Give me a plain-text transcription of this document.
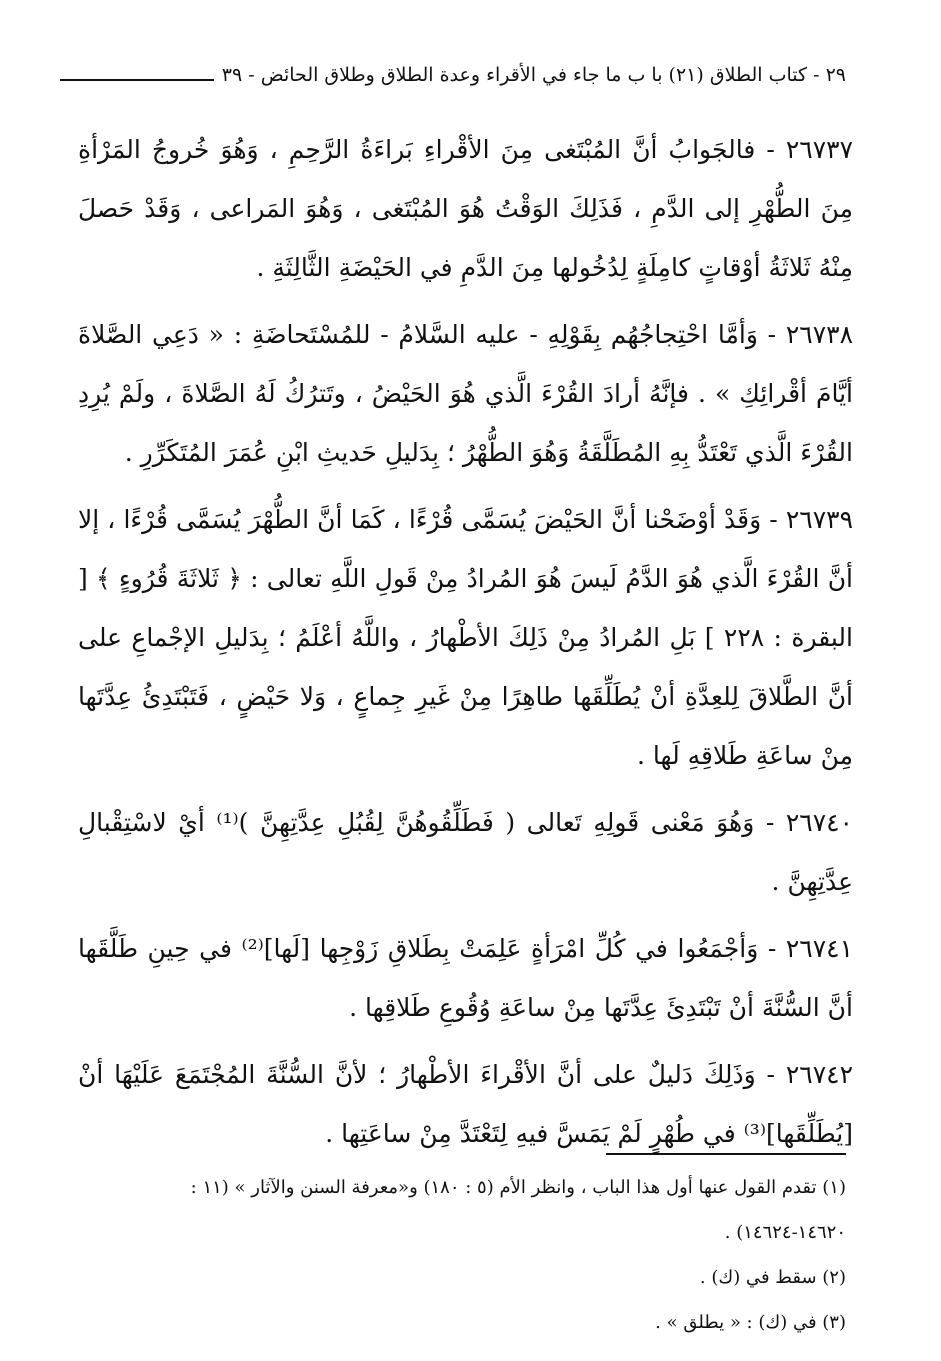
٢٩ - كتاب الطلاق (٢١) با ب ما جاء في الأقراء وعدة الطلاق وطلاق الحائض - ٣٩

٢٦٧٣٧ - فالجَوابُ أنَّ المُبْتَغى مِنَ الأقْراءِ بَراءَةُ الرَّحِمِ ، وَهُوَ خُروجُ المَرْأةِ مِنَ الطُّهْرِ إلى الدَّمِ ، فَذَلِكَ الوَقْتُ هُوَ المُبْتَغى ، وَهُوَ المَراعى ، وَقَدْ حَصلَ مِنْهُ ثَلاثَةُ أوْقاتٍ كامِلَةٍ لِدُخُولها مِنَ الدَّمِ في الحَيْضَةِ الثَّالِثَةِ .

٢٦٧٣٨ - وَأمَّا احْتِجاجُهُم بِقَوْلِهِ - عليه السَّلامُ - للمُسْتَحاضَةِ : « دَعِي الصَّلاةَ أيَّامَ أقْرائِكِ » . فإنَّهُ أرادَ القُرْءَ الَّذي هُوَ الحَيْضُ ، وتَترُكُ لَهُ الصَّلاةَ ، ولَمْ يُرِدِ القُرْءَ الَّذي تَعْتَدُّ بِهِ المُطَلَّقَةُ وَهُوَ الطُّهْرُ ؛ بِدَليلِ حَديثِ ابْنِ عُمَرَ المُتَكَرِّرِ .

٢٦٧٣٩ - وَقَدْ أوْضَحْنا أنَّ الحَيْضَ يُسَمَّى قُرْءًا ، كَمَا أنَّ الطُّهْرَ يُسَمَّى قُرْءًا ، إلا أنَّ القُرْءَ الَّذي هُوَ الدَّمُ لَيسَ هُوَ المُرادُ مِنْ قَولِ اللَّهِ تعالى : ﴿ ثَلاثَةَ قُرُوءٍ ﴾ [ البقرة : ٢٢٨ ] بَلِ المُرادُ مِنْ ذَلِكَ الأطْهارُ ، واللَّهُ أعْلَمُ ؛ بِدَليلِ الإجْماعِ على أنَّ الطَّلاقَ لِلعِدَّةِ أنْ يُطَلِّقَها طاهِرًا مِنْ غَيرِ جِماعٍ ، وَلا حَيْضٍ ، فَتَبْتَدِئُ عِدَّتَها مِنْ ساعَةِ طَلاقِهِ لَها .

٢٦٧٤٠ - وَهُوَ مَعْنى قَولِهِ تَعالى ( فَطَلِّقُوهُنَّ لِقُبُلِ عِدَّتِهِنَّ )⁽¹⁾ أيْ لاسْتِقْبالِ عِدَّتِهِنَّ .

٢٦٧٤١ - وَأجْمَعُوا في كُلِّ امْرَأةٍ عَلِمَتْ بِطَلاقِ زَوْجِها [لَها]⁽²⁾ في حِينِ طَلَّقَها أنَّ السُّنَّةَ أنْ تَبْتَدِئَ عِدَّتَها مِنْ ساعَةِ وُقُوعِ طَلاقِها .

٢٦٧٤٢ - وَذَلِكَ دَليلٌ على أنَّ الأقْراءَ الأطْهارُ ؛ لأنَّ السُّنَّةَ المُجْتَمَعَ عَلَيْهَا أنْ [يُطَلِّقَها]⁽³⁾ في طُهْرٍ لَمْ يَمَسَّ فيهِ لِتَعْتَدَّ مِنْ ساعَتِها .

(١) تقدم القول عنها أول هذا الباب ، وانظر الأم (٥ : ١٨٠) و«معرفة السنن والآثار » (١١ :

١٤٦٢٠-١٤٦٢٤) .

(٢) سقط في (ك) .

(٣) في (ك) : « يطلق » .
